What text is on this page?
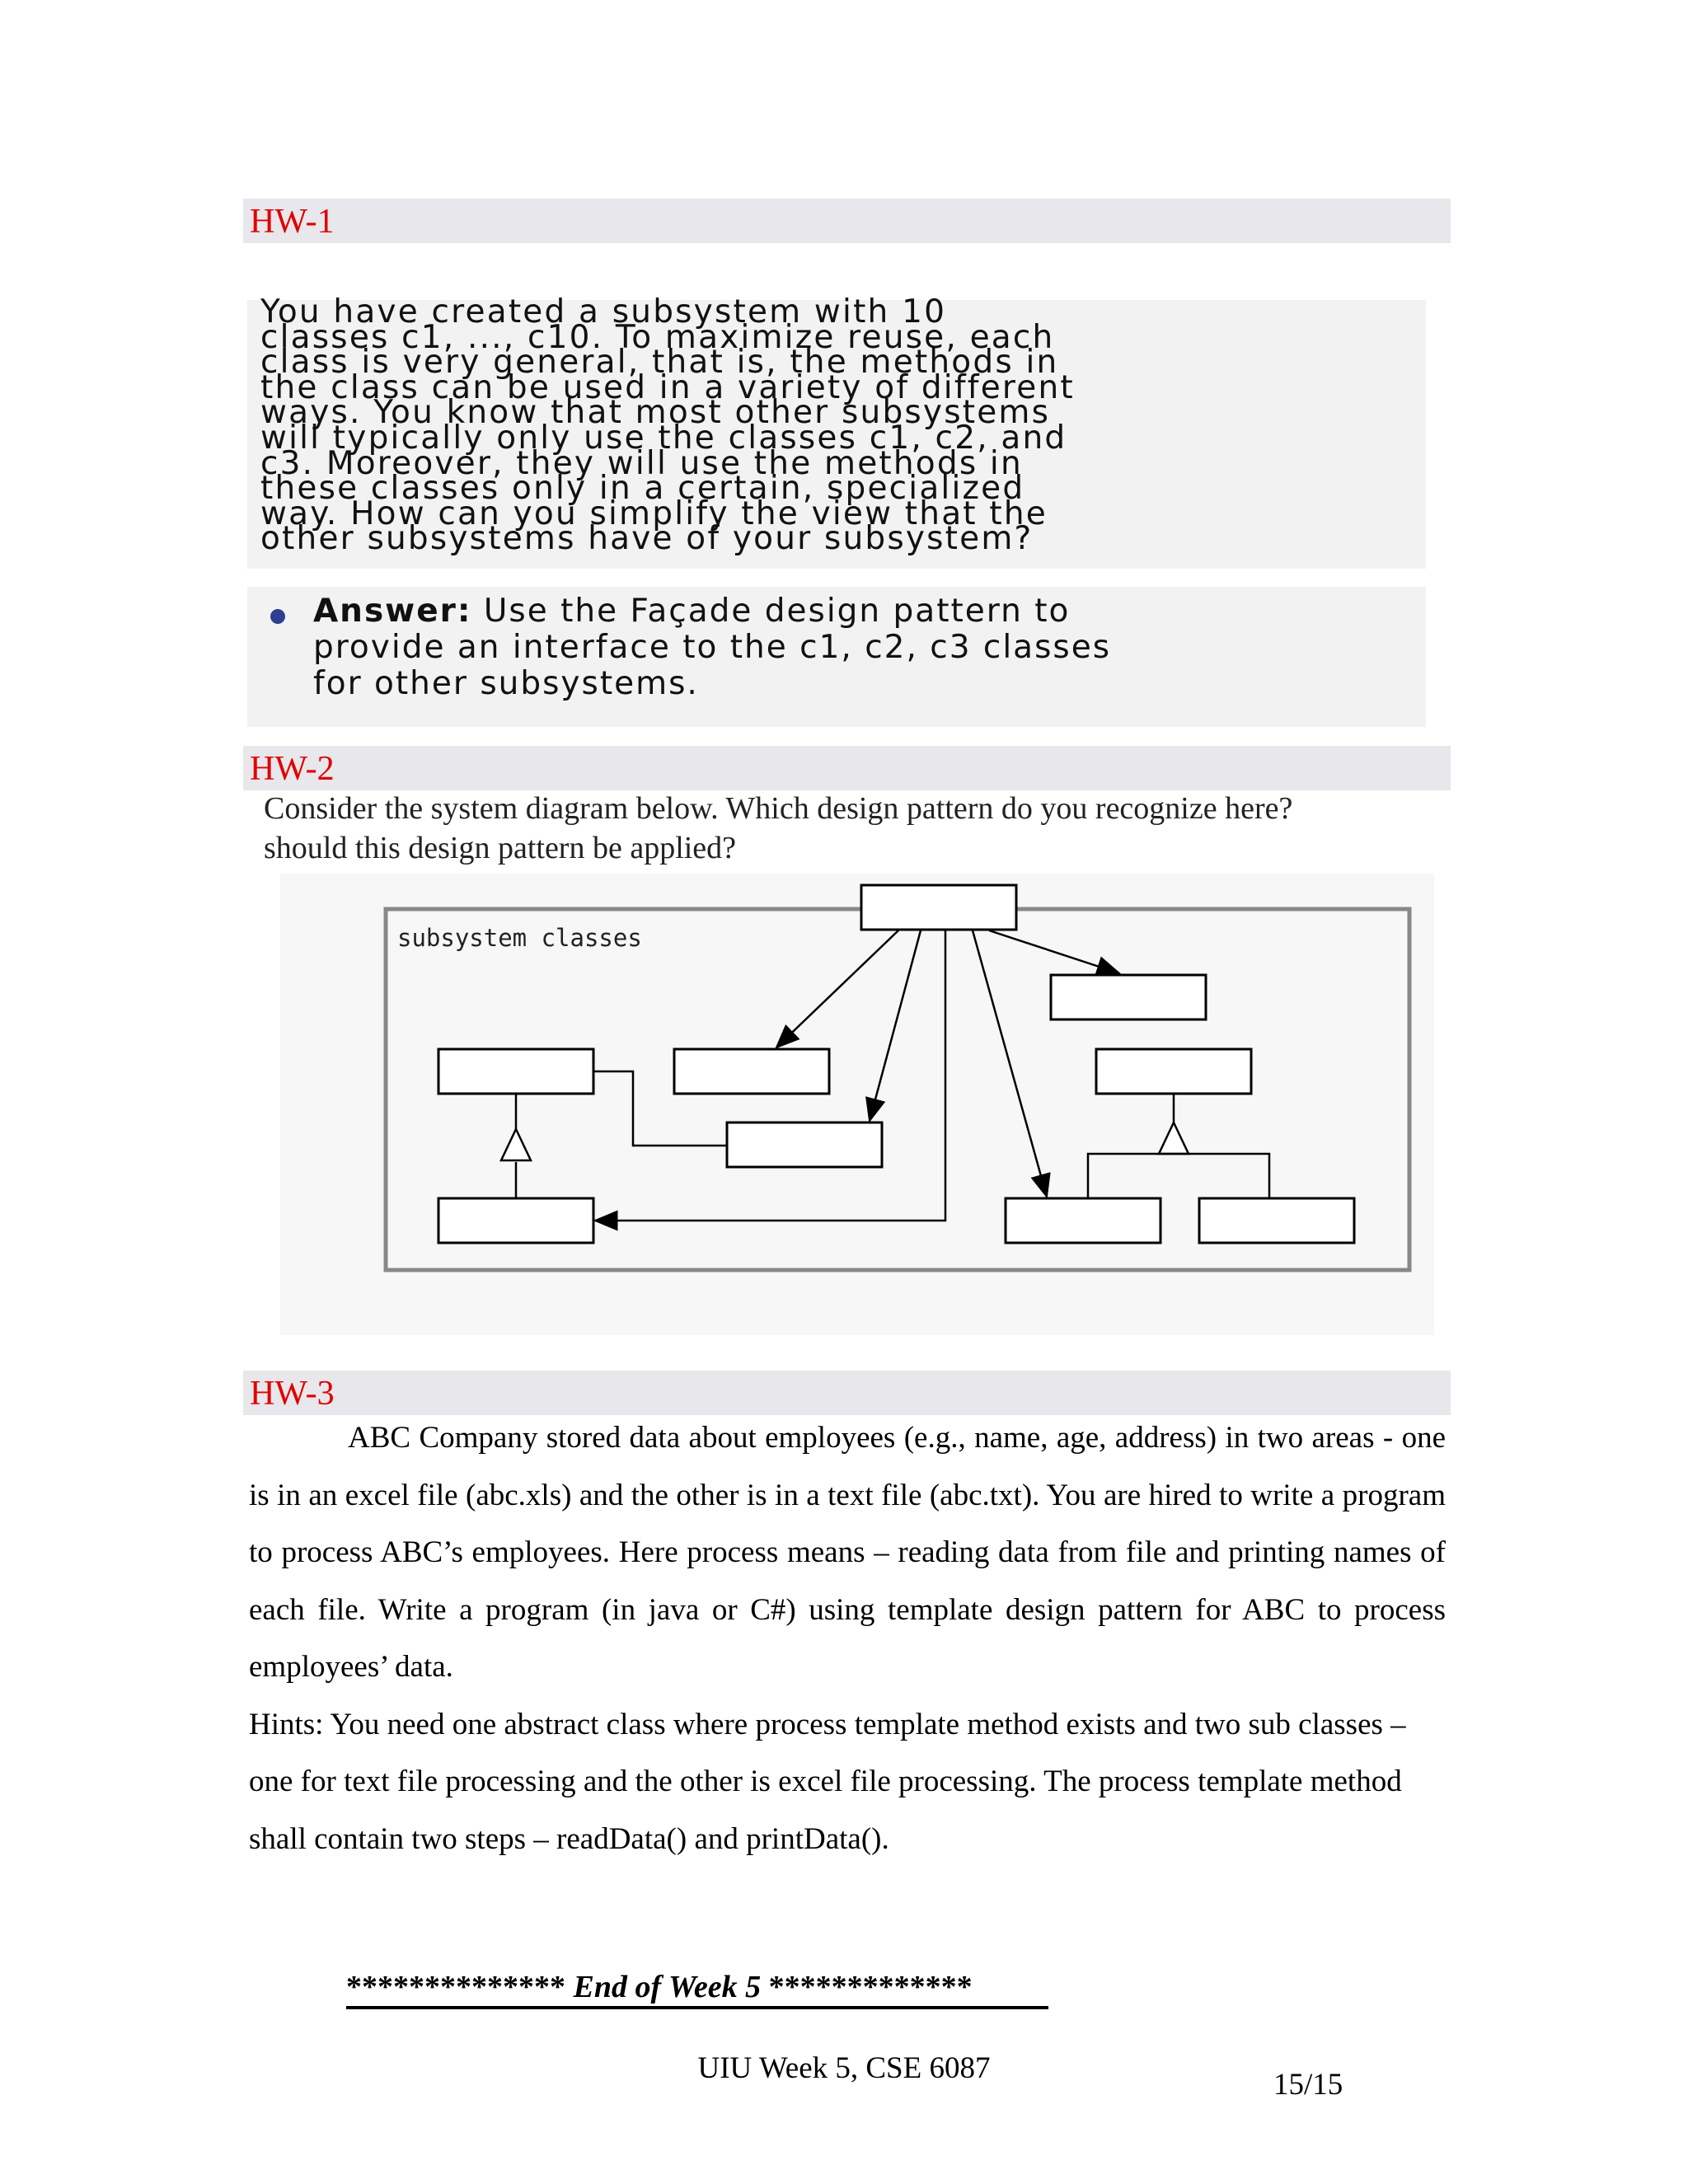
HW-1
You have created a subsystem with 10
classes c1, ..., c10. To maximize reuse, each
class is very general, that is, the methods in
the class can be used in a variety of different
ways. You know that most other subsystems
will typically only use the classes c1, c2, and
c3. Moreover, they will use the methods in
these classes only in a certain, specialized
way. How can you simplify the view that the
other subsystems have of your subsystem?
Answer: Use the Façade design pattern to
provide an interface to the c1, c2, c3 classes
for other subsystems.
HW-2
Consider the system diagram below. Which design pattern do you recognize here?
should this design pattern be applied?
subsystem classes
HW-3

ABC Company stored data about employees (e.g., name, age, address) in two areas - one is in an excel file (abc.xls) and the other is in a text file (abc.txt). You are hired to write a program to process ABC’s employees. Here process means – reading data from file and printing names of each file. Write a program (in java or C#) using template design pattern for ABC to process employees’ data.

Hints: You need one abstract class where process template method exists and two sub classes – one for text file processing and the other is excel file processing. The process template method shall contain two steps – readData() and printData().

************** End of Week 5 *************
UIU Week 5, CSE 6087	15/15
